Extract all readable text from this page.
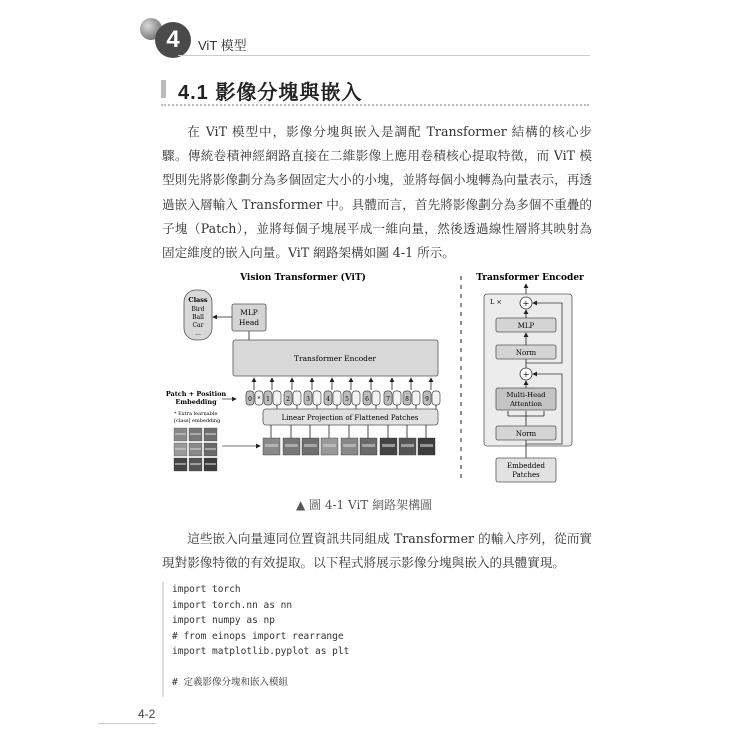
4	ViT 模型
4.1 影像分塊與嵌入

在 ViT 模型中，影像分塊與嵌入是調配 Transformer 結構的核心步驟。傳統卷積神經網路直接在二維影像上應用卷積核心提取特徵，而 ViT 模型則先將影像劃分為多個固定大小的小塊，並將每個小塊轉為向量表示，再透過嵌入層輸入 Transformer 中。具體而言，首先將影像劃分為多個不重疊的子塊（Patch），並將每個子塊展平成一維向量，然後透過線性層將其映射為固定維度的嵌入向量。ViT 網路架構如圖 4-1 所示。

Vision Transformer (ViT)	Transformer Encoder
Class
Bird
Ball
Car
...
MLP
Head
Transformer Encoder
Patch + Position
Embedding
* Extra learnable
[class] embedding
0 * 1	2	3	4	5	6	7	8	9
Linear Projection of Flattened Patches
L ×	+
MLP
Norm
+
Multi-Head
Attention
Norm
Embedded
Patches
▲ 圖 4-1 ViT 網路架構圖

這些嵌入向量連同位置資訊共同組成 Transformer 的輸入序列，從而實現對影像特徵的有效提取。以下程式將展示影像分塊與嵌入的具體實現。

import torch
import torch.nn as nn
import numpy as np
# from einops import rearrange
import matplotlib.pyplot as plt
# 定義影像分塊和嵌入模組
4-2
